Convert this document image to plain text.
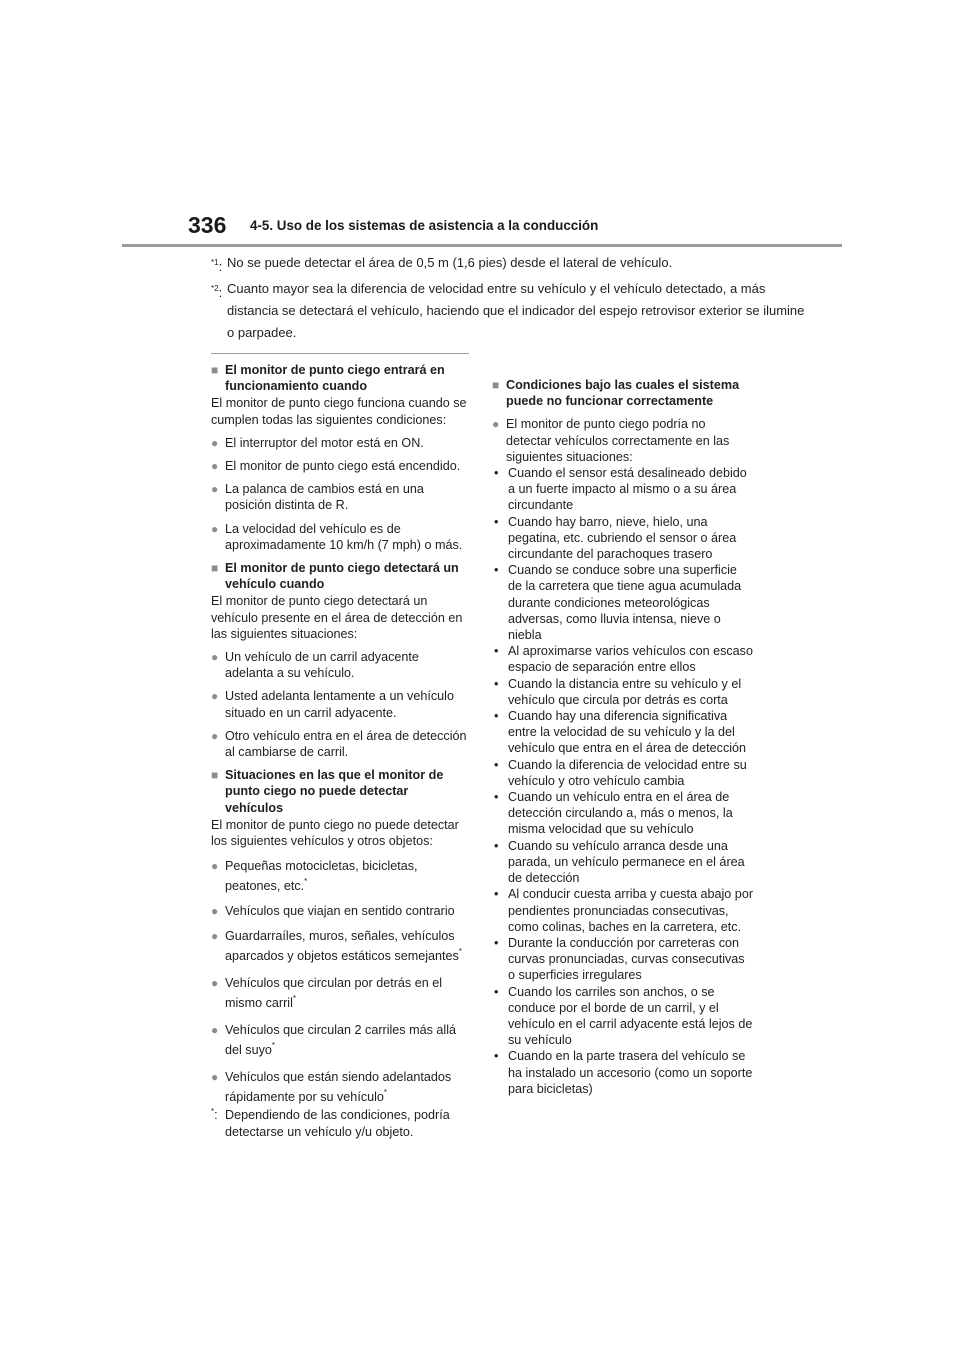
336 4-5. Uso de los sistemas de asistencia a la conducción
$^{*1}$: No se puede detectar el área de 0,5 m (1,6 pies) desde el lateral de vehículo.
$^{*2}$: Cuanto mayor sea la diferencia de velocidad entre su vehículo y el vehículo detectado, a más distancia se detectará el vehículo, haciendo que el indicador del espejo retrovisor exterior se ilumine o parpadee.
■ El monitor de punto ciego entrará en funcionamiento cuando
El monitor de punto ciego funciona cuando se cumplen todas las siguientes condiciones:
● El interruptor del motor está en ON.
● El monitor de punto ciego está encendido.
● La palanca de cambios está en una posición distinta de R.
● La velocidad del vehículo es de aproximadamente 10 km/h (7 mph) o más.
■ El monitor de punto ciego detectará un vehículo cuando
El monitor de punto ciego detectará un vehículo presente en el área de detección en las siguientes situaciones:
● Un vehículo de un carril adyacente adelanta a su vehículo.
● Usted adelanta lentamente a un vehículo situado en un carril adyacente.
● Otro vehículo entra en el área de detección al cambiarse de carril.
■ Situaciones en las que el monitor de punto ciego no puede detectar vehículos
El monitor de punto ciego no puede detectar los siguientes vehículos y otros objetos:
● Pequeñas motocicletas, bicicletas, peatones, etc.*
● Vehículos que viajan en sentido contrario
● Guardarraíles, muros, señales, vehículos aparcados y objetos estáticos semejantes*
● Vehículos que circulan por detrás en el mismo carril*
● Vehículos que circulan 2 carriles más allá del suyo*
● Vehículos que están siendo adelantados rápidamente por su vehículo*
*: Dependiendo de las condiciones, podría detectarse un vehículo y/u objeto.
■ Condiciones bajo las cuales el sistema puede no funcionar correctamente
● El monitor de punto ciego podría no detectar vehículos correctamente en las siguientes situaciones:
• Cuando el sensor está desalineado debido a un fuerte impacto al mismo o a su área circundante
• Cuando hay barro, nieve, hielo, una pegatina, etc. cubriendo el sensor o área circundante del parachoques trasero
• Cuando se conduce sobre una superficie de la carretera que tiene agua acumulada durante condiciones meteorológicas adversas, como lluvia intensa, nieve o niebla
• Al aproximarse varios vehículos con escaso espacio de separación entre ellos
• Cuando la distancia entre su vehículo y el vehículo que circula por detrás es corta
• Cuando hay una diferencia significativa entre la velocidad de su vehículo y la del vehículo que entra en el área de detección
• Cuando la diferencia de velocidad entre su vehículo y otro vehículo cambia
• Cuando un vehículo entra en el área de detección circulando a, más o menos, la misma velocidad que su vehículo
• Cuando su vehículo arranca desde una parada, un vehículo permanece en el área de detección
• Al conducir cuesta arriba y cuesta abajo por pendientes pronunciadas consecutivas, como colinas, baches en la carretera, etc.
• Durante la conducción por carreteras con curvas pronunciadas, curvas consecutivas o superficies irregulares
• Cuando los carriles son anchos, o se conduce por el borde de un carril, y el vehículo en el carril adyacente está lejos de su vehículo
• Cuando en la parte trasera del vehículo se ha instalado un accesorio (como un soporte para bicicletas)
